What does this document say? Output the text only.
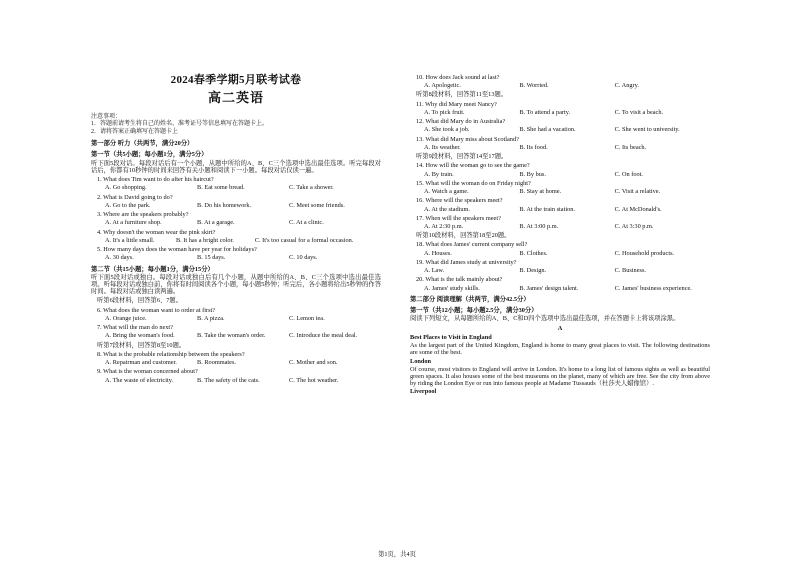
2024春季学期5月联考试卷
高二英语
注意事项：
1．答题前请考生将自己的姓名、准考证号等信息填写在答题卡上。
2．请将答案正确填写在答题卡上
第一部分 听力（共两节，满分20分）
第一节（共5小题；每小题1分，满分5分）
听下面5段对话。每段对话后有一个小题，从题中所给的A、B、C三个选项中选出最佳选项。听完每段对话后，你都有10秒钟的时间来回答有关小题和阅读下一小题。每段对话仅读一遍。
1. What does Tim want to do after his haircut?
A. Go shopping.	B. Eat some bread.	C. Take a shower.
2. What is David going to do?
A. Go to the park.	B. Do his homework.	C. Meet some friends.
3. Where are the speakers probably?
A. At a furniture shop.	B. At a garage.	C. At a clinic.
4. Why doesn't the woman wear the pink skirt?
A. It's a little small.	B. It has a bright color.	C. It's too casual for a formal occasion.
5. How many days does the woman have per year for holidays?
A. 30 days.	B. 15 days.	C. 10 days.
第二节（共15小题；每小题1分，满分15分）
听下面5段对话或独白。每段对话或独白后有几个小题，从题中所给的A、B、C三个选项中选出最佳选项。听每段对话或独白前，你将有时间阅读各个小题，每小题5秒钟；听完后，各小题将给出5秒钟的作答时间。每段对话或独白读两遍。
听第6段材料，回答第6、7题。
6. What does the woman want to order at first?
A. Orange juice.	B. A pizza.	C. Lemon tea.
7. What will the man do next?
A. Bring the woman's food.	B. Take the woman's order.	C. Introduce the meal deal.
听第7段材料，回答第8至10题。
8. What is the probable relationship between the speakers?
A. Repairman and customer.	B. Roommates.	C. Mother and son.
9. What is the woman concerned about?
A. The waste of electricity.	B. The safety of the cats.	C. The hot weather.
10. How does Jack sound at last?
A. Apologetic.	B. Worried.	C. Angry.
听第8段材料，回答第11至13题。
11. Why did Mary meet Nancy?
A. To pick fruit.	B. To attend a party.	C. To visit a beach.
12. What did Mary do in Australia?
A. She took a job.	B. She had a vacation.	C. She went to university.
13. What did Mary miss about Scotland?
A. Its weather.	B. Its food.	C. Its beach.
听第9段材料，回答第14至17题。
14. How will the woman go to see the game?
A. By train.	B. By bus.	C. On foot.
15. What will the woman do on Friday night?
A. Watch a game.	B. Stay at home.	C. Visit a relative.
16. Where will the speakers meet?
A. At the stadium.	B. At the train station.	C. At McDonald's.
17. When will the speakers meet?
A. At 2:30 p.m.	B. At 3:00 p.m.	C. At 3:30 p.m.
听第10段材料，回答第18至20题。
18. What does James' current company sell?
A. Houses.	B. Clothes.	C. Household products.
19. What did James study at university?
A. Law.	B. Design.	C. Business.
20. What is the talk mainly about?
A. James' study skills.	B. James' design talent.	C. James' business experience.
第二部分 阅读理解（共两节，满分42.5分）
第一节（共12小题；每小题2.5分，满分30分）
阅读下列短文，从每题所给的A、B、C和D四个选项中选出最佳选项，并在答题卡上将该项涂黑。
A
Best Places to Visit in England
As the largest part of the United Kingdom, England is home to many great places to visit. The following destinations are some of the best.
London
Of course, most visitors to England will arrive in London. It's home to a long list of famous sights as well as beautiful green spaces. It also houses some of the best museums on the planet, many of which are free. See the city from above by riding the London Eye or run into famous people at Madame Tussauds（杜莎夫人蜡像馆）.
Liverpool
第1页，共4页
